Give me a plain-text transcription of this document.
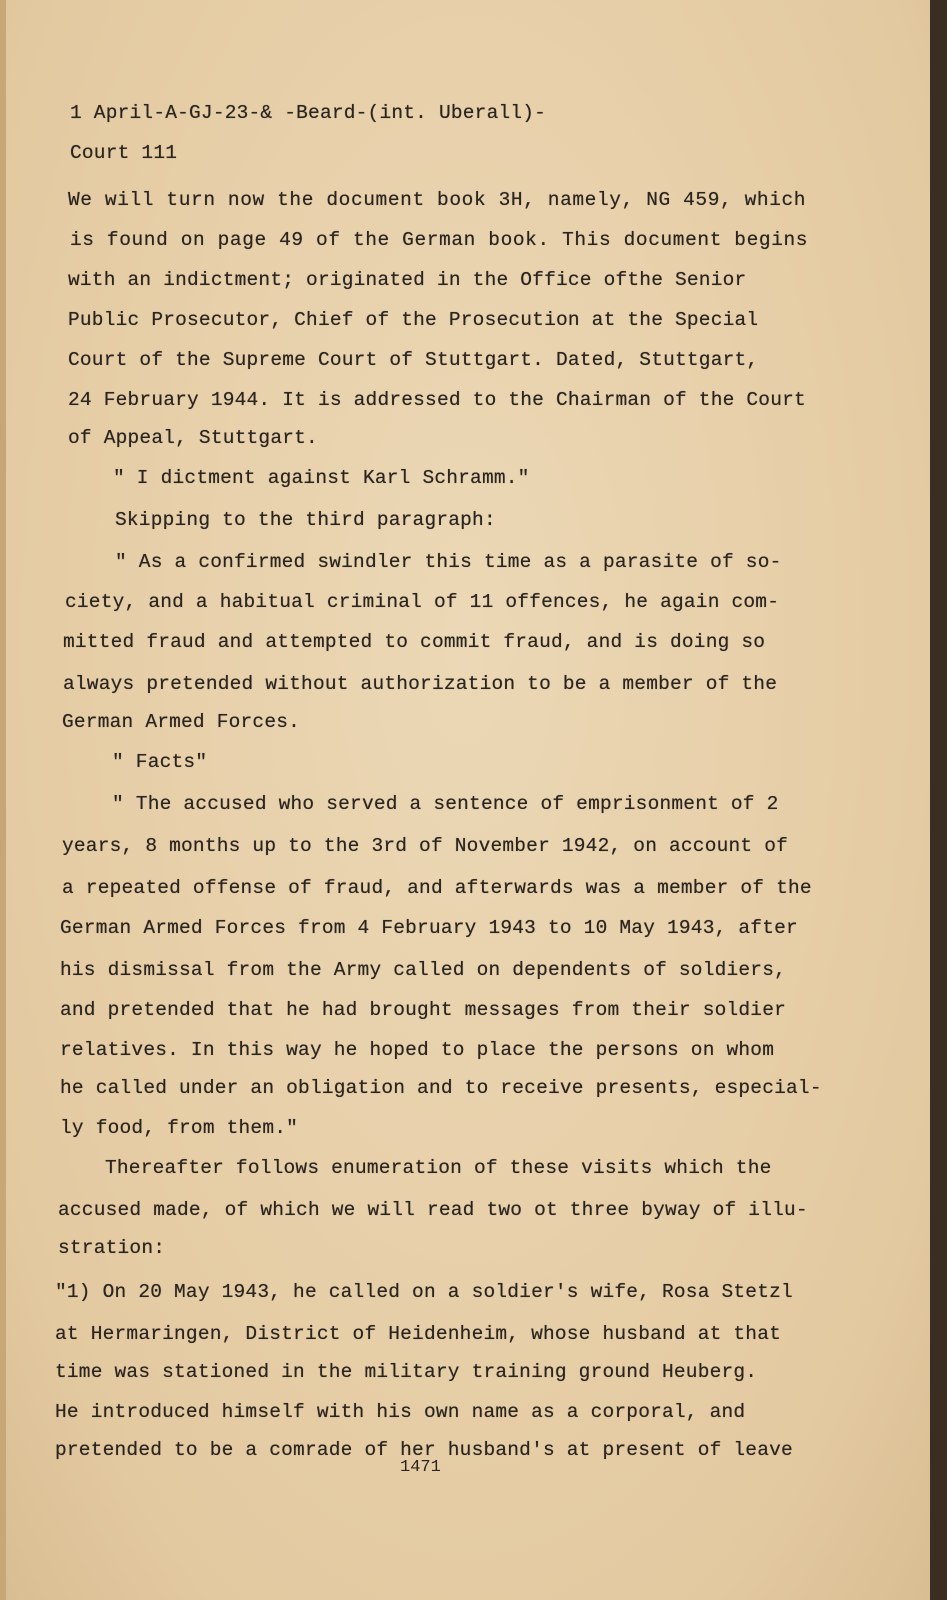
1 April-A-GJ-23-& -Beard-(int. Uberall)-
Court 111
We will turn now the document book 3H, namely, NG 459, which
is found on page 49 of the German book. This document begins
with an indictment; originated in the Office ofthe Senior
Public Prosecutor, Chief of the Prosecution at the Special
Court of the Supreme Court of Stuttgart. Dated, Stuttgart,
24 February 1944. It is addressed to the Chairman of the Court
of Appeal, Stuttgart.
" I dictment against Karl Schramm."
Skipping to the third paragraph:
" As a confirmed swindler this time as a parasite of so-
ciety, and a habitual criminal of 11 offences, he again com-
mitted fraud and attempted to commit fraud, and is doing so
always pretended without authorization to be a member of the
German Armed Forces.
" Facts"
" The accused who served a sentence of emprisonment of 2
years, 8 months up to the 3rd of November 1942, on account of
a repeated offense of fraud, and afterwards was a member of the
German Armed Forces from 4 February 1943 to 10 May 1943, after
his dismissal from the Army called on dependents of soldiers,
and pretended that he had brought messages from their soldier
relatives. In this way he hoped to place the persons on whom
he called under an obligation and to receive presents, especial-
ly food, from them."
Thereafter follows enumeration of these visits which the
accused made, of which we will read two ot three byway of illu-
stration:
"1) On 20 May 1943, he called on a soldier's wife, Rosa Stetzl
at Hermaringen, District of Heidenheim, whose husband at that
time was stationed in the military training ground Heuberg.
He introduced himself with his own name as a corporal, and
pretended to be a comrade of her husband's at present of leave
1471
